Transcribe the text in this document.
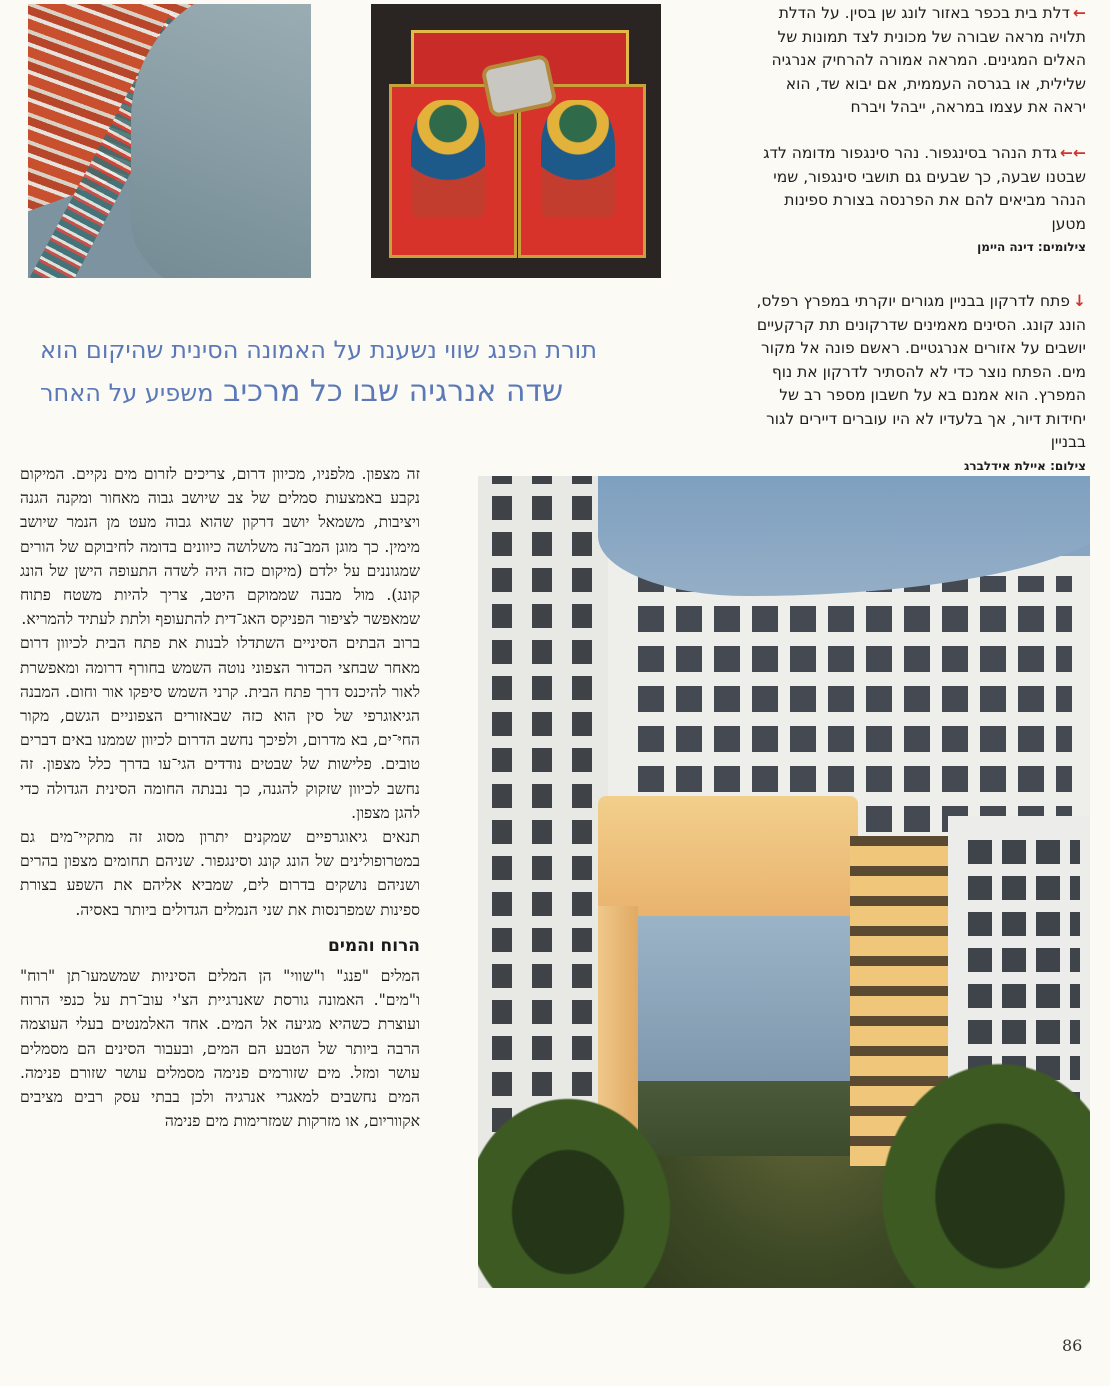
←דלת בית בכפר באזור לונג שן בסין. על הדלת תלויה מראה שבורה של מכונית לצד תמונות של האלים המגינים. המראה אמורה להרחיק אנרגיה שלילית, או בגרסה העממית, אם יבוא שד, הוא יראה את עצמו במראה, ייבהל ויברח
←←גדת הנהר בסינגפור. נהר סינגפור מדומה לדג שבטנו שבעה, כך שבעים גם תושבי סינגפור, שמי הנהר מביאים להם את הפרנסה בצורת ספינות מטען
צילומים: דינה היימן
↓פתח לדרקון בבניין מגורים יוקרתי במפרץ רפלס, הונג קונג. הסינים מאמינים שדרקונים תת קרקעיים יושבים על אזורים אנרגטיים. ראשם פונה אל מקור מים. הפתח נוצר כדי לא להסתיר לדרקון את נוף המפרץ. הוא אמנם בא על חשבון מספר רב של יחידות דיור, אך בלעדיו לא היו עוברים דיירים לגור בבניין
צילום: איילת אידלברג
תורת הפנג שווי נשענת על האמונה הסינית שהיקום הוא
שדה אנרגיה שבו כל מרכיב משפיע על האחר

זה מצפון. מלפניו, מכיוון דרום, צריכים לזרום מים נקיים. המיקום נקבע באמצעות סמלים של צב שיושב גבוה מאחור ומקנה הגנה ויציבות, משמאל יושב דרקון שהוא גבוה מעט מן הנמר שיושב מימין. כך מוגן המב־נה משלושה כיוונים בדומה לחיבוקם של הורים שמגוננים על ילדם (מיקום כזה היה לשדה התעופה הישן של הונג קונג). מול מבנה שממוקם היטב, צריך להיות משטח פתוח שמאפשר לציפור הפניקס האג־דית להתעופף ולתת לעתיד להמריא.

ברוב הבתים הסיניים השתדלו לבנות את פתח הבית לכיוון דרום מאחר שבחצי הכדור הצפוני נוטה השמש בחורף דרומה ומאפשרת לאור להיכנס דרך פתח הבית. קרני השמש סיפקו אור וחום. המבנה הגיאוגרפי של סין הוא כזה שבאזורים הצפוניים הגשם, מקור החיּ־ים, בא מדרום, ולפיכך נחשב הדרום לכיוון שממנו באים דברים טובים. פלישות של שבטים נודדים הגי־עו בדרך כלל מצפון. זה נחשב לכיוון שזקוק להגנה, כך נבנתה החומה הסינית הגדולה כדי להגן מצפון.

תנאים גיאוגרפיים שמקנים יתרון מסוג זה מתקיי־מים גם במטרופולינים של הונג קונג וסינגפור. שניהם תחומים מצפון בהרים ושניהם נושקים בדרום לים, שמביא אליהם את השפע בצורת ספינות שמפרנסות את שני הנמלים הגדולים ביותר באסיה.

הרוח והמים

המלים "פנג" ו"שווי" הן המלים הסיניות שמשמעו־תן "רוח" ו"מים". האמונה גורסת שאנרגיית הצ'י עוב־רת על כנפי הרוח ועוצרת כשהיא מגיעה אל המים. אחד האלמנטים בעלי העוצמה הרבה ביותר של הטבע הם המים, ובעבור הסינים הם מסמלים עושר ומזל. מים שזורמים פנימה מסמלים עושר שזורם פנימה. המים נחשבים למאגרי אנרגיה ולכן בבתי עסק רבים מציבים אקווריום, או מזרקות שמזרימות מים פנימה

86
